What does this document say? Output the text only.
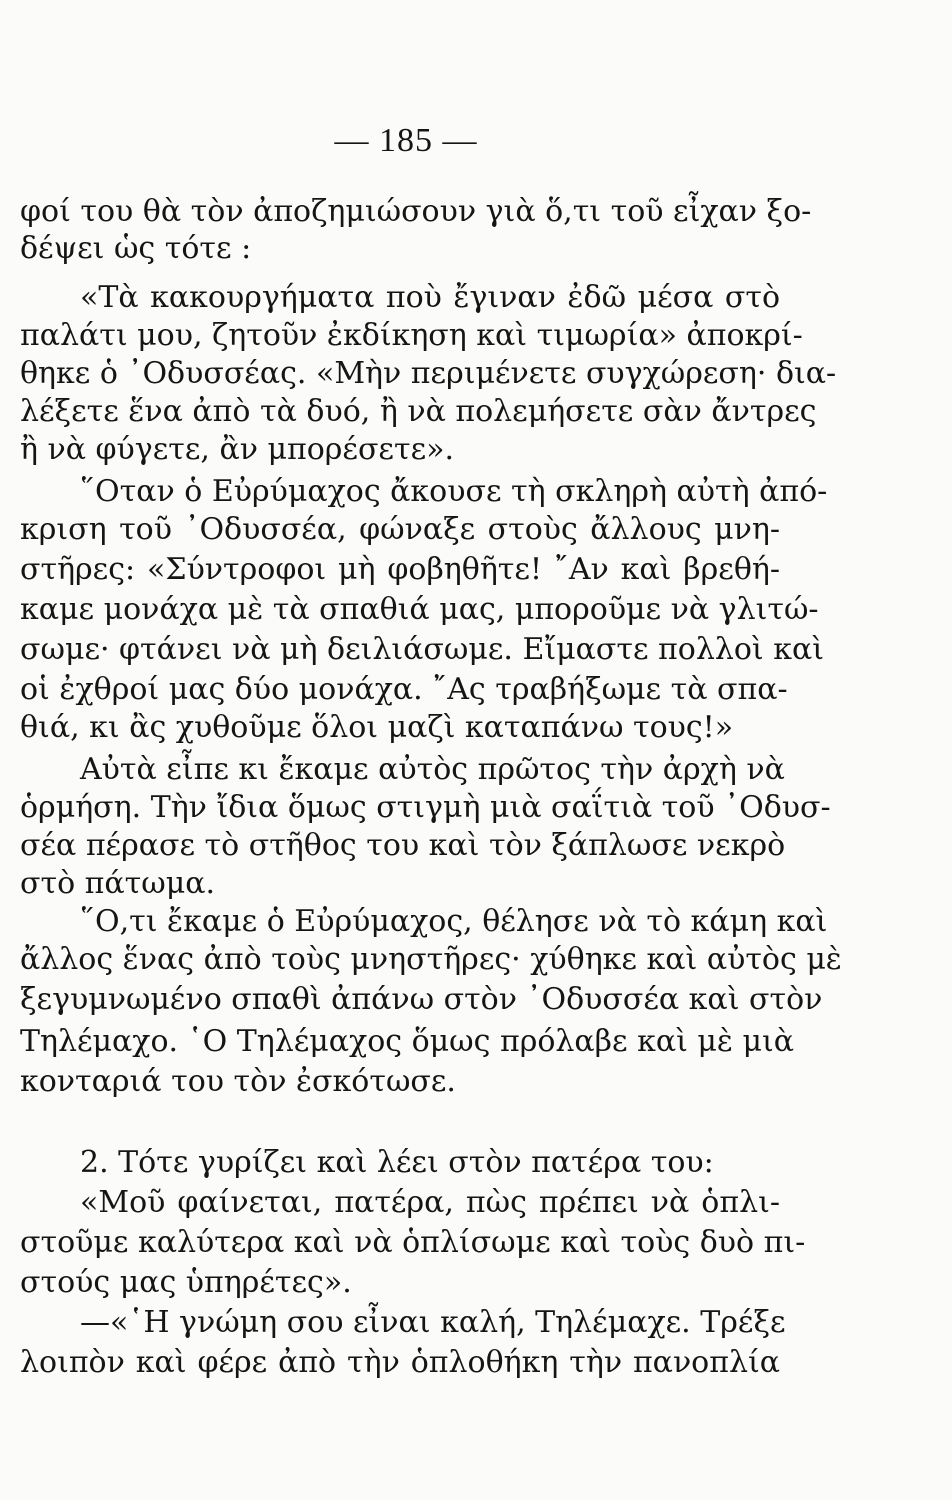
— 185 —
φοί του θὰ τὸν ἀποζημιώσουν γιὰ ὅ,τι τοῦ εἶχαν ξο-
δέψει ὡς τότε :
«Τὰ κακουργήματα ποὺ ἔγιναν ἐδῶ μέσα στὸ
παλάτι μου, ζητοῦν ἐκδίκηση καὶ τιμωρία» ἀποκρί-
θηκε ὁ ᾿Οδυσσέας. «Μὴν περιμένετε συγχώρεση· δια-
λέξετε ἕνα ἀπὸ τὰ δυό, ἢ νὰ πολεμήσετε σὰν ἄντρες
ἢ νὰ φύγετε, ἂν μπορέσετε».
῞Οταν ὁ Εὐρύμαχος ἄκουσε τὴ σκληρὴ αὐτὴ ἀπό-
κριση τοῦ ᾿Οδυσσέα, φώναξε στοὺς ἄλλους μνη-
στῆρες: «Σύντροφοι μὴ φοβηθῆτε! ῎Αν καὶ βρεθή-
καμε μονάχα μὲ τὰ σπαθιά μας, μποροῦμε νὰ γλιτώ-
σωμε· φτάνει νὰ μὴ δειλιάσωμε. Εἴμαστε πολλοὶ καὶ
οἱ ἐχθροί μας δύο μονάχα. ῎Ας τραβήξωμε τὰ σπα-
θιά, κι ἂς χυθοῦμε ὅλοι μαζὶ καταπάνω τους!»
Αὐτὰ εἶπε κι ἔκαμε αὐτὸς πρῶτος τὴν ἀρχὴ νὰ
ὁρμήση. Τὴν ἴδια ὅμως στιγμὴ μιὰ σαΐτιὰ τοῦ ᾿Οδυσ-
σέα πέρασε τὸ στῆθος του καὶ τὸν ξάπλωσε νεκρὸ
στὸ πάτωμα.
῞Ο,τι ἔκαμε ὁ Εὐρύμαχος, θέλησε νὰ τὸ κάμη καὶ
ἄλλος ἕνας ἀπὸ τοὺς μνηστῆρες· χύθηκε καὶ αὐτὸς μὲ
ξεγυμνωμένο σπαθὶ ἀπάνω στὸν ᾿Οδυσσέα καὶ στὸν
Τηλέμαχο. ῾Ο Τηλέμαχος ὅμως πρόλαβε καὶ μὲ μιὰ
κονταριά του τὸν ἐσκότωσε.
2. Τότε γυρίζει καὶ λέει στὸν πατέρα του:
«Μοῦ φαίνεται, πατέρα, πὼς πρέπει νὰ ὁπλι-
στοῦμε καλύτερα καὶ νὰ ὁπλίσωμε καὶ τοὺς δυὸ πι-
στούς μας ὑπηρέτες».
—«῾Η γνώμη σου εἶναι καλή, Τηλέμαχε. Τρέξε
λοιπὸν καὶ φέρε ἀπὸ τὴν ὁπλοθήκη τὴν πανοπλία
